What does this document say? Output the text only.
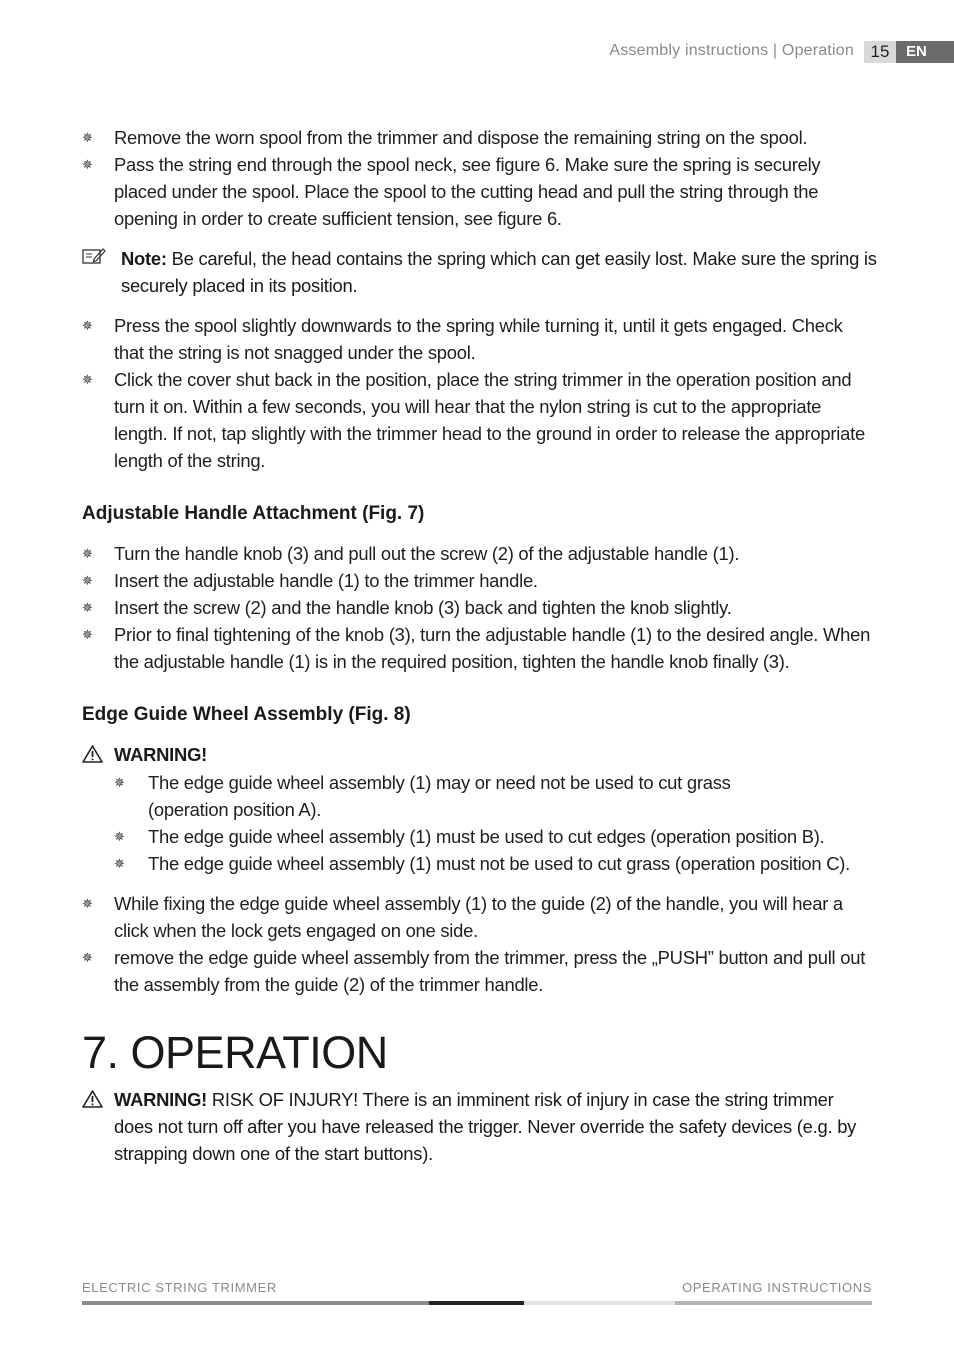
Assembly instructions | Operation 15	EN
✵ Remove the worn spool from the trimmer and dispose the remaining string on the spool.
✵ Pass the string end through the spool neck, see figure 6. Make sure the spring is securely placed under the spool. Place the spool to the cutting head and pull the string through the opening in order to create sufficient tension, see figure 6.
Note: Be careful, the head contains the spring which can get easily lost. Make sure the spring is securely placed in its position.
✵ Press the spool slightly downwards to the spring while turning it, until it gets engaged. Check that the string is not snagged under the spool.
✵ Click the cover shut back in the position, place the string trimmer in the operation position and turn it on. Within a few seconds, you will hear that the nylon string is cut to the appropriate length. If not, tap slightly with the trimmer head to the ground in order to release the appropriate length of the string.
Adjustable Handle Attachment (Fig. 7)
✵ Turn the handle knob (3) and pull out the screw (2) of the adjustable handle (1).
✵ Insert the adjustable handle (1) to the trimmer handle.
✵ Insert the screw (2) and the handle knob (3) back and tighten the knob slightly.
✵ Prior to final tightening of the knob (3), turn the adjustable handle (1) to the desired angle. When the adjustable handle (1) is in the required position, tighten the handle knob finally (3).
Edge Guide Wheel Assembly (Fig. 8)
WARNING!
✵ The edge guide wheel assembly (1) may or need not be used to cut grass (operation position A).
✵ The edge guide wheel assembly (1) must be used to cut edges (operation position B).
✵ The edge guide wheel assembly (1) must not be used to cut grass (operation position C).
✵ While fixing the edge guide wheel assembly (1) to the guide (2) of the handle, you will hear a click when the lock gets engaged on one side.
✵ remove the edge guide wheel assembly from the trimmer, press the „PUSH” button and pull out the assembly from the guide (2) of the trimmer handle.
7. OPERATION
WARNING! RISK OF INJURY! There is an imminent risk of injury in case the string trimmer does not turn off after you have released the trigger. Never override the safety devices (e.g. by strapping down one of the start buttons).
ELECTRIC STRING TRIMMER	OPERATING INSTRUCTIONS
